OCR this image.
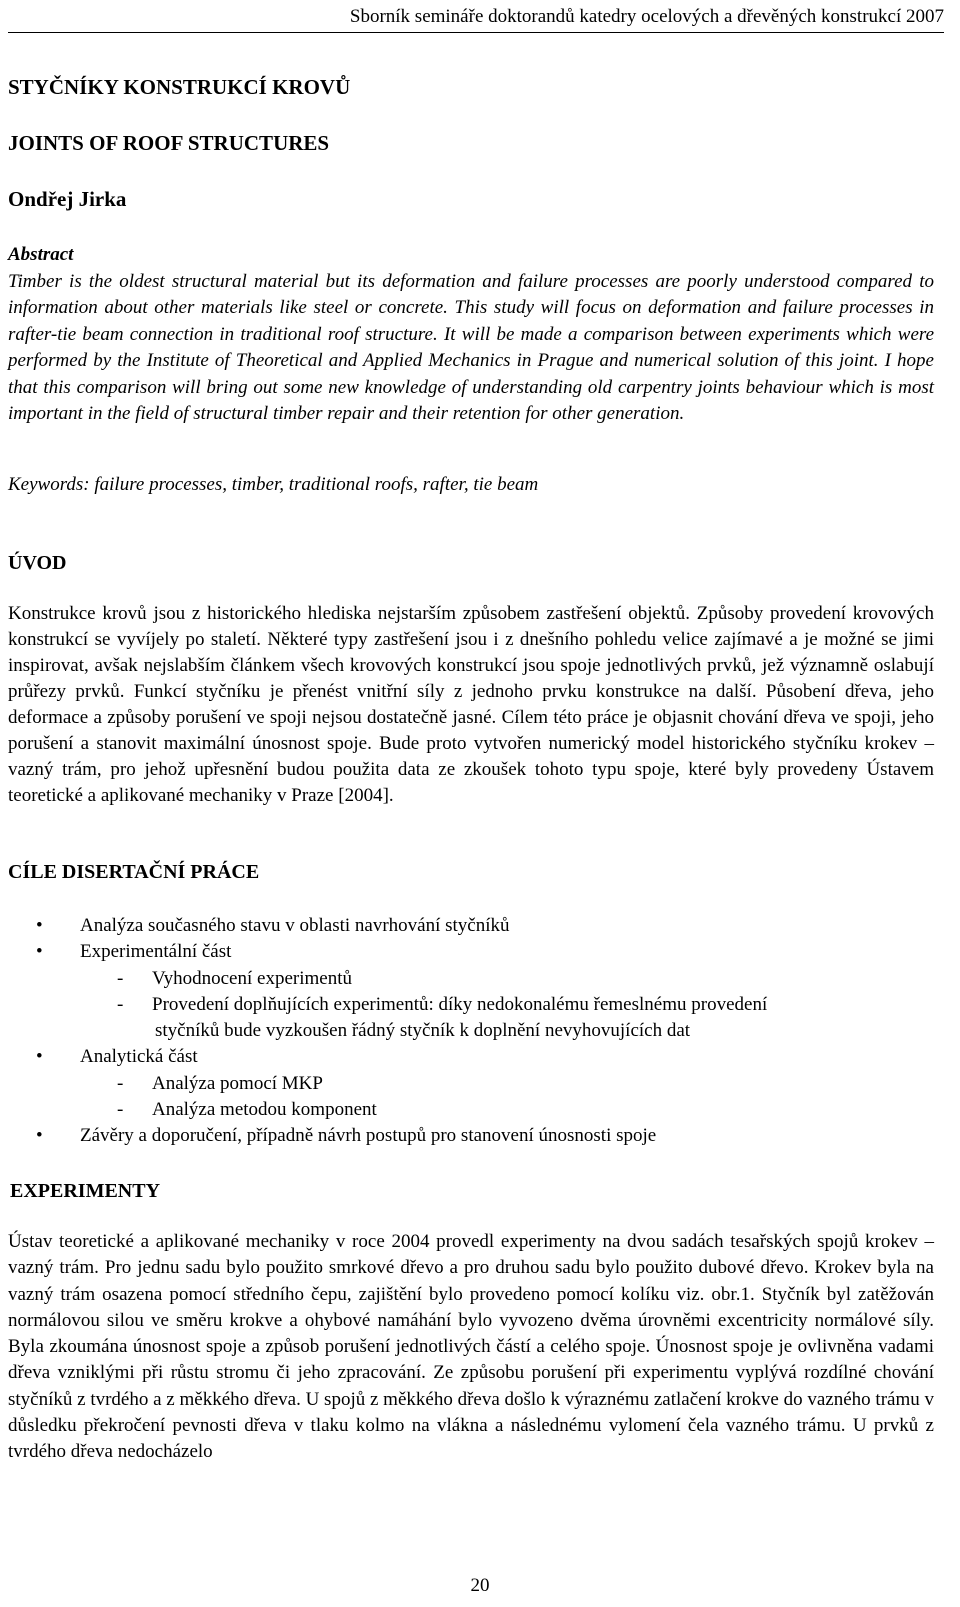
Sborník semináře doktorandů katedry ocelových a dřevěných konstrukcí 2007
STYČNÍKY KONSTRUKCÍ KROVŮ
JOINTS OF ROOF STRUCTURES
Ondřej Jirka
Abstract
Timber is the oldest structural material but its deformation and failure processes are poorly understood compared to information about other materials like steel or concrete. This study will focus on deformation and failure processes in rafter-tie beam connection in traditional roof structure. It will be made a comparison between experiments which were performed by the Institute of Theoretical and Applied Mechanics in Prague and numerical solution of this joint. I hope that this comparison will bring out some new knowledge of understanding old carpentry joints behaviour which is most important in the field of structural timber repair and their retention for other generation.
Keywords: failure processes, timber, traditional roofs, rafter, tie beam
ÚVOD
Konstrukce krovů jsou z historického hlediska nejstarším způsobem zastřešení objektů. Způsoby provedení krovových konstrukcí se vyvíjely po staletí. Některé typy zastřešení jsou i z dnešního pohledu velice zajímavé a je možné se jimi inspirovat, avšak nejslabším článkem všech krovových konstrukcí jsou spoje jednotlivých prvků, jež významně oslabují průřezy prvků. Funkcí styčníku je přenést vnitřní síly z jednoho prvku konstrukce na další. Působení dřeva, jeho deformace a způsoby porušení ve spoji nejsou dostatečně jasné. Cílem této práce je objasnit chování dřeva ve spoji, jeho porušení a stanovit maximální únosnost spoje. Bude proto vytvořen numerický model historického styčníku krokev – vazný trám, pro jehož upřesnění budou použita data ze zkoušek tohoto typu spoje, které byly provedeny Ústavem teoretické a aplikované mechaniky v Praze [2004].
CÍLE DISERTAČNÍ PRÁCE
• Analýza současného stavu v oblasti navrhování styčníků
• Experimentální část
- Vyhodnocení experimentů
- Provedení doplňujících experimentů: díky nedokonalému řemeslnému provedení
styčníků bude vyzkoušen řádný styčník k doplnění nevyhovujících dat
• Analytická část
- Analýza pomocí MKP
- Analýza metodou komponent
• Závěry a doporučení, případně návrh postupů pro stanovení únosnosti spoje
EXPERIMENTY
Ústav teoretické a aplikované mechaniky v roce 2004 provedl experimenty na dvou sadách tesařských spojů krokev – vazný trám. Pro jednu sadu bylo použito smrkové dřevo a pro druhou sadu bylo použito dubové dřevo. Krokev byla na vazný trám osazena pomocí středního čepu, zajištění bylo provedeno pomocí kolíku viz. obr.1. Styčník byl zatěžován normálovou silou ve směru krokve a ohybové namáhání bylo vyvozeno dvěma úrovněmi excentricity normálové síly. Byla zkoumána únosnost spoje a způsob porušení jednotlivých částí a celého spoje. Únosnost spoje je ovlivněna vadami dřeva vzniklými při růstu stromu či jeho zpracování. Ze způsobu porušení při experimentu vyplývá rozdílné chování styčníků z tvrdého a z měkkého dřeva. U spojů z měkkého dřeva došlo k výraznému zatlačení krokve do vazného trámu v důsledku překročení pevnosti dřeva v tlaku kolmo na vlákna a následnému vylomení čela vazného trámu. U prvků z tvrdého dřeva nedocházelo
20
